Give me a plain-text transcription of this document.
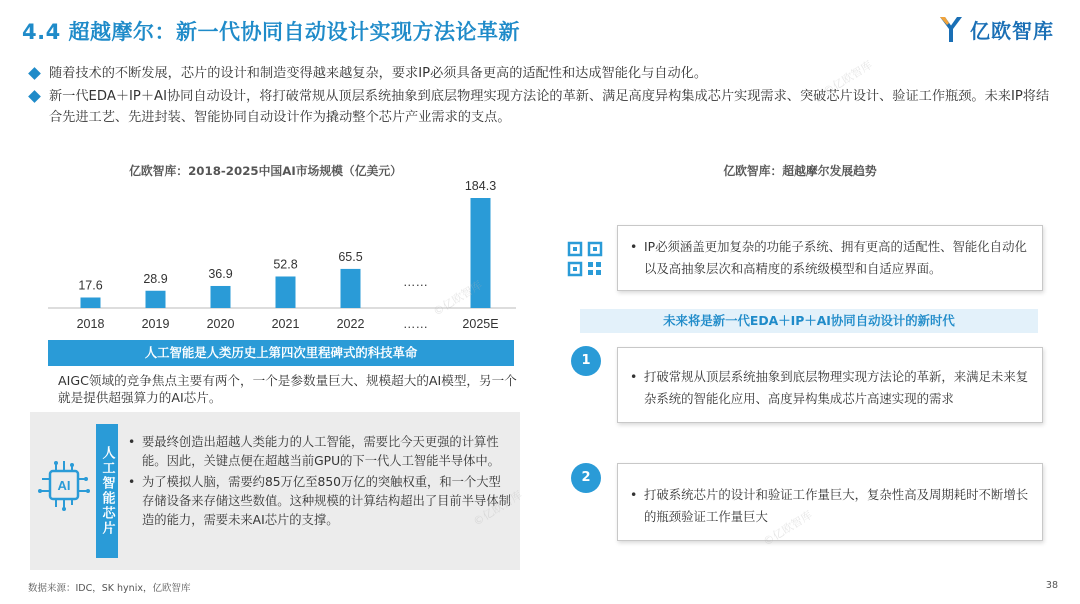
4.4 超越摩尔：新一代协同自动设计实现方法论革新	亿欧智库
随着技术的不断发展，芯片的设计和制造变得越来越复杂，要求IP必须具备更高的适配性和达成智能化与自动化。
新一代EDA＋IP＋AI协同自动设计，将打破常规从顶层系统抽象到底层物理实现方法论的革新、满足高度异构集成芯片实现需求、突破芯片设计、验证工作瓶颈。未来IP将结合先进工艺、先进封装、智能协同自动设计作为撬动整个芯片产业需求的支点。
亿欧智库：2018-2025中国AI市场规模（亿美元）
17.6
2018
28.9
2019
36.9
2020
52.8
2021
65.5
2022
……
……
184.3
2025E
人工智能是人类历史上第四次里程碑式的科技革命
AIGC领域的竞争焦点主要有两个，一个是参数量巨大、规模超大的AI模型，另一个就是提供超强算力的AI芯片。
AI 人工智能芯片
• 要最终创造出超越人类能力的人工智能，需要比今天更强的计算性能。因此，关键点便在超越当前GPU的下一代人工智能半导体中。
• 为了模拟人脑，需要约85万亿至850万亿的突触权重，和一个大型存储设备来存储这些数值。这种规模的计算结构超出了目前半导体制造的能力，需要未来AI芯片的支撑。
亿欧智库：超越摩尔发展趋势
• IP必须涵盖更加复杂的功能子系统、拥有更高的适配性、智能化自动化以及高抽象层次和高精度的系统级模型和自适应界面。
未来将是新一代EDA＋IP＋AI协同自动设计的新时代
1
• 打破常规从顶层系统抽象到底层物理实现方法论的革新，来满足未来复杂系统的智能化应用、高度异构集成芯片高速实现的需求
2
• 打破系统芯片的设计和验证工作量巨大，复杂性高及周期耗时不断增长的瓶颈验证工作量巨大
©亿欧智库
©亿欧智库
©亿欧智库	©亿欧智库
数据来源：IDC，SK hynix，亿欧智库	38
